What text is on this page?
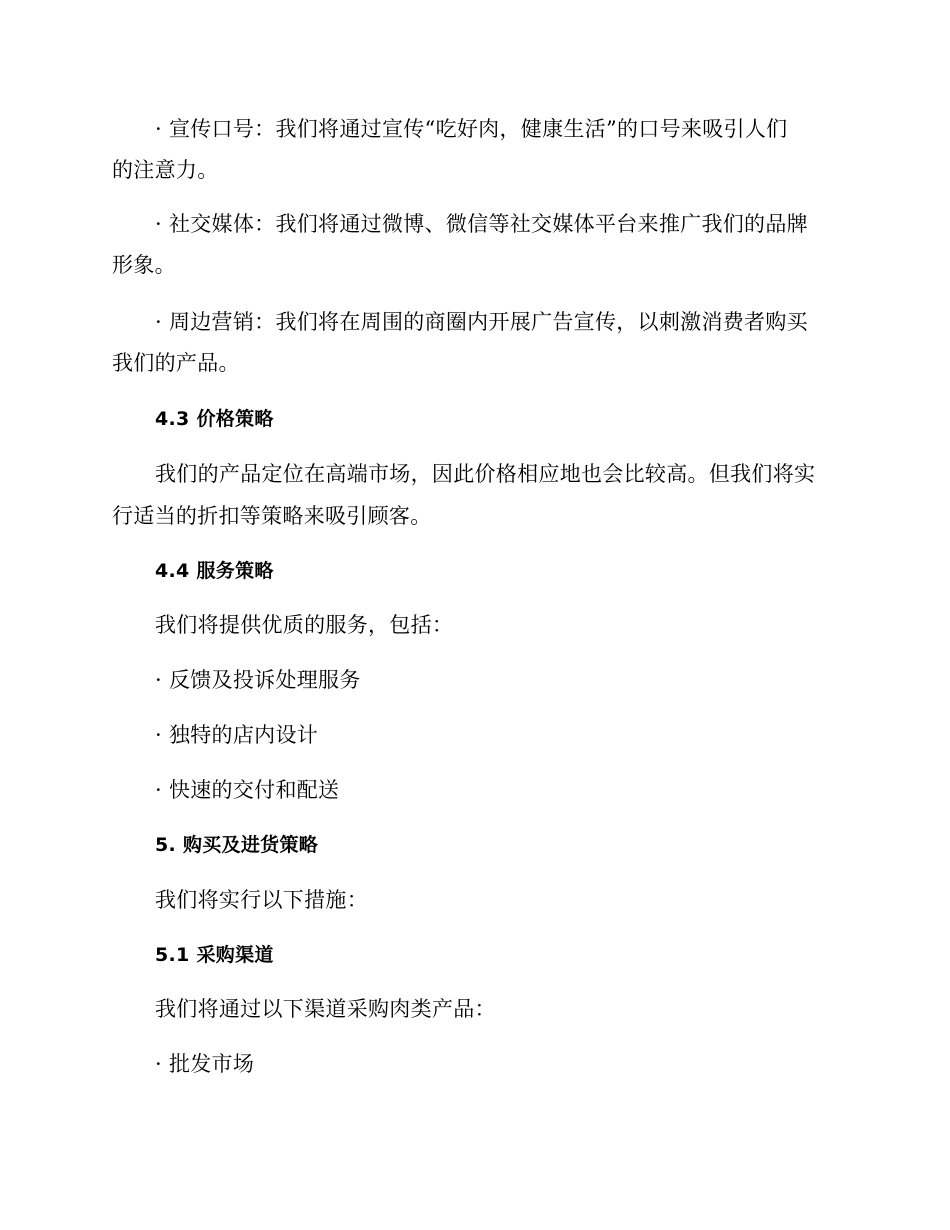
· 宣传口号：我们将通过宣传“吃好肉，健康生活”的口号来吸引人们
的注意力。
· 社交媒体：我们将通过微博、微信等社交媒体平台来推广我们的品牌
形象。
· 周边营销：我们将在周围的商圈内开展广告宣传，以刺激消费者购买
我们的产品。
4.3 价格策略
我们的产品定位在高端市场，因此价格相应地也会比较高。但我们将实
行适当的折扣等策略来吸引顾客。
4.4 服务策略
我们将提供优质的服务，包括：
· 反馈及投诉处理服务
· 独特的店内设计
· 快速的交付和配送
5. 购买及进货策略
我们将实行以下措施：
5.1 采购渠道
我们将通过以下渠道采购肉类产品：
· 批发市场
